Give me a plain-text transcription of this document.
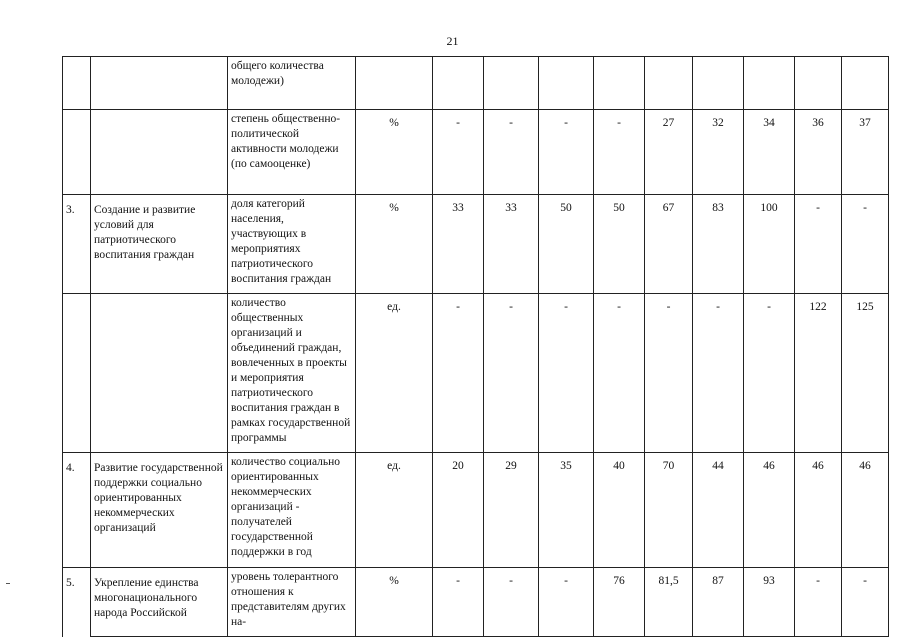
21
		общего количества молодежи)										
		степень общественно-политической активности молодежи (по самооценке)	%	-	-	-	-	27	32	34	36	37
3.	Создание и развитие условий для патриотического воспитания граждан	доля категорий населения, участвующих в мероприятиях патриотического воспитания граждан	%	33	33	50	50	67	83	100	-	-
		количество общественных организаций и объединений граждан, вовлеченных в проекты и мероприятия патриотического воспитания граждан в рамках государственной программы	ед.	-	-	-	-	-	-	-	122	125
4.	Развитие государственной поддержки социально ориентированных некоммерческих организаций	количество социально ориентированных некоммерческих организаций - получателей государственной поддержки в год	ед.	20	29	35	40	70	44	46	46	46
5.	Укрепление единства многонационального народа Российской	уровень толерантного отношения к представителям других на-	%	-	-	-	76	81,5	87	93	-	-
